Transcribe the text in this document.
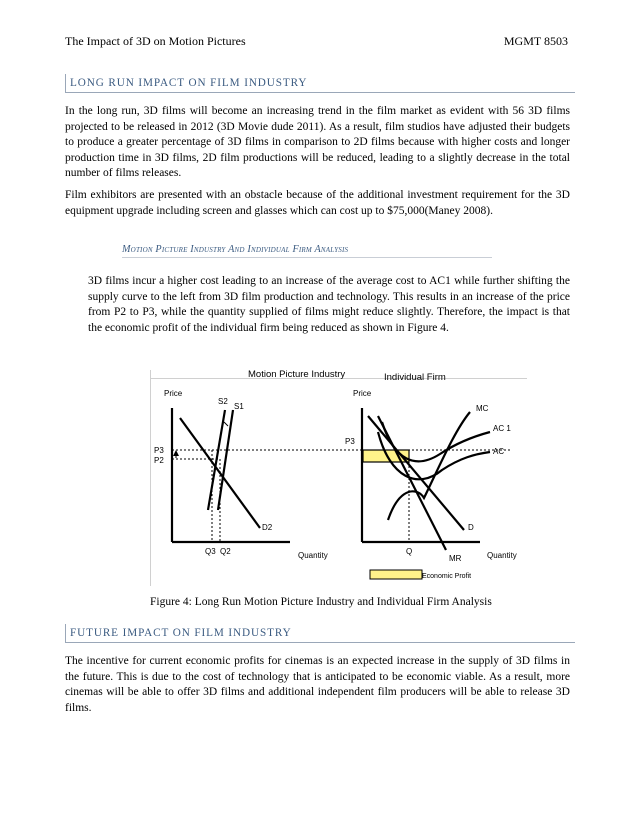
The Impact of 3D on Motion Pictures	MGMT 8503
LONG RUN IMPACT ON FILM INDUSTRY
In the long run, 3D films will become an increasing trend in the film market as evident with 56 3D films projected to be released in 2012 (3D Movie dude 2011). As a result, film studios have adjusted their budgets to produce a greater percentage of 3D films in comparison to 2D films because with higher costs and longer production time in 3D films, 2D film productions will be reduced, leading to a slightly decrease in the total number of films releases.
Film exhibitors are presented with an obstacle because of the additional investment requirement for the 3D equipment upgrade including screen and glasses which can cost up to $75,000(Maney 2008).
Motion Picture Industry And Individual Firm Analysis
3D films incur a higher cost leading to an increase of the average cost to AC1 while further shifting the supply curve to the left from 3D film production and technology. This results in an increase of the price from P2 to P3, while the quantity supplied of films might reduce slightly. Therefore, the impact is that the economic profit of the individual firm being reduced as shown in Figure 4.
Motion Picture Industry	Individual Firm
Price
Quantity
D2
S2
S1
P3
P2
Q3 Q2
Price
Quantity
D
MR
MC
AC
AC 1
P3
Q
Economic Profit
Figure 4: Long Run Motion Picture Industry and Individual Firm Analysis
FUTURE IMPACT ON FILM INDUSTRY
The incentive for current economic profits for cinemas is an expected increase in the supply of 3D films in the future. This is due to the cost of technology that is anticipated to be economic viable. As a result, more cinemas will be able to offer 3D films and additional independent film producers will be able to release 3D films.
